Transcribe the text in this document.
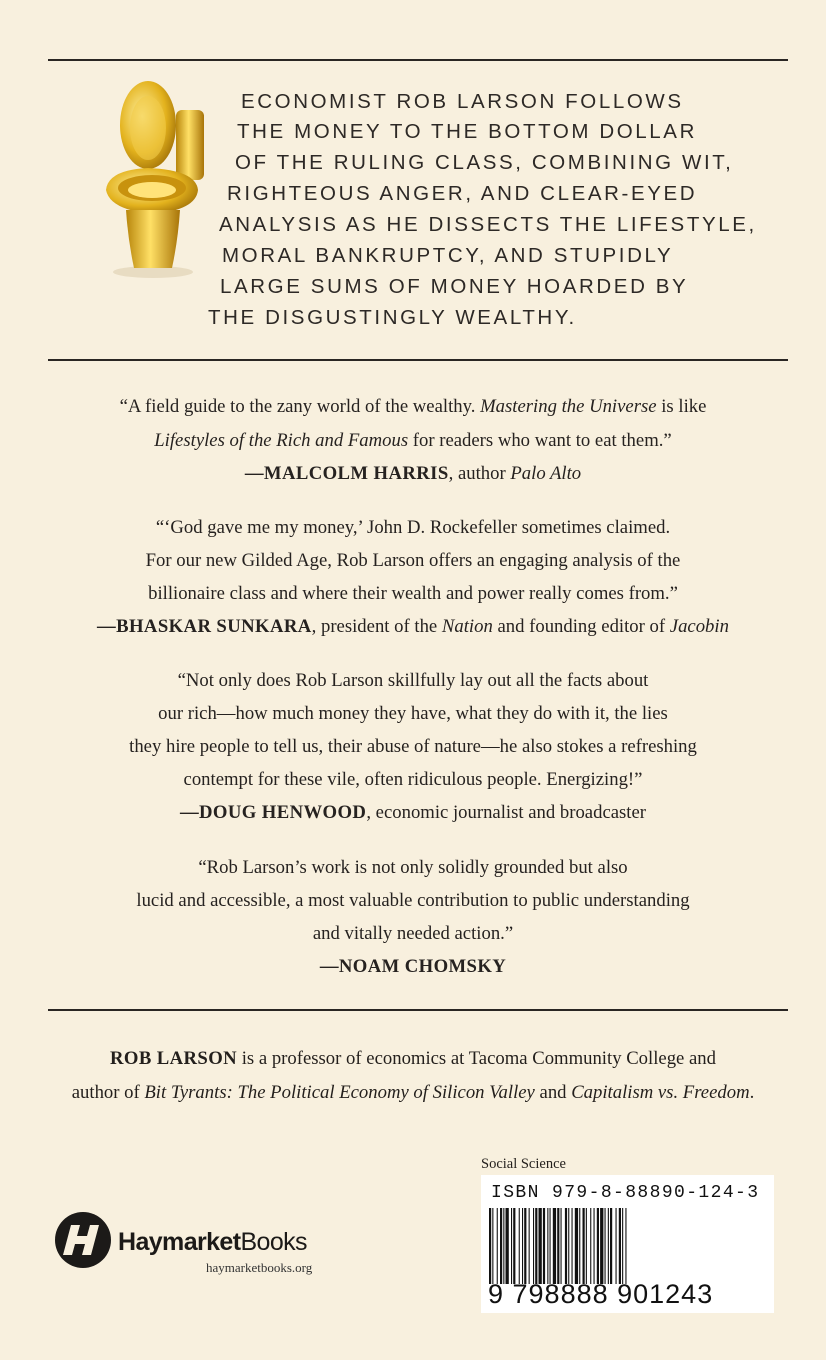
ECONOMIST ROB LARSON FOLLOWS
THE MONEY TO THE BOTTOM DOLLAR
OF THE RULING CLASS, COMBINING WIT,
RIGHTEOUS ANGER, AND CLEAR-EYED
ANALYSIS AS HE DISSECTS THE LIFESTYLE,
MORAL BANKRUPTCY, AND STUPIDLY
LARGE SUMS OF MONEY HOARDED BY
THE DISGUSTINGLY WEALTHY.
“A field guide to the zany world of the wealthy. Mastering the Universe is like
Lifestyles of the Rich and Famous for readers who want to eat them.”
—MALCOLM HARRIS, author Palo Alto
“‘God gave me my money,’ John D. Rockefeller sometimes claimed.
For our new Gilded Age, Rob Larson offers an engaging analysis of the
billionaire class and where their wealth and power really comes from.”
—BHASKAR SUNKARA, president of the Nation and founding editor of Jacobin
“Not only does Rob Larson skillfully lay out all the facts about
our rich—how much money they have, what they do with it, the lies
they hire people to tell us, their abuse of nature—he also stokes a refreshing
contempt for these vile, often ridiculous people. Energizing!”
—DOUG HENWOOD, economic journalist and broadcaster
“Rob Larson’s work is not only solidly grounded but also
lucid and accessible, a most valuable contribution to public understanding
and vitally needed action.”
—NOAM CHOMSKY
ROB LARSON is a professor of economics at Tacoma Community College and
author of Bit Tyrants: The Political Economy of Silicon Valley and Capitalism vs. Freedom.
Social Science
ISBN 979-8-88890-124-3
9 798888 901243
HaymarketBooks
haymarketbooks.org
